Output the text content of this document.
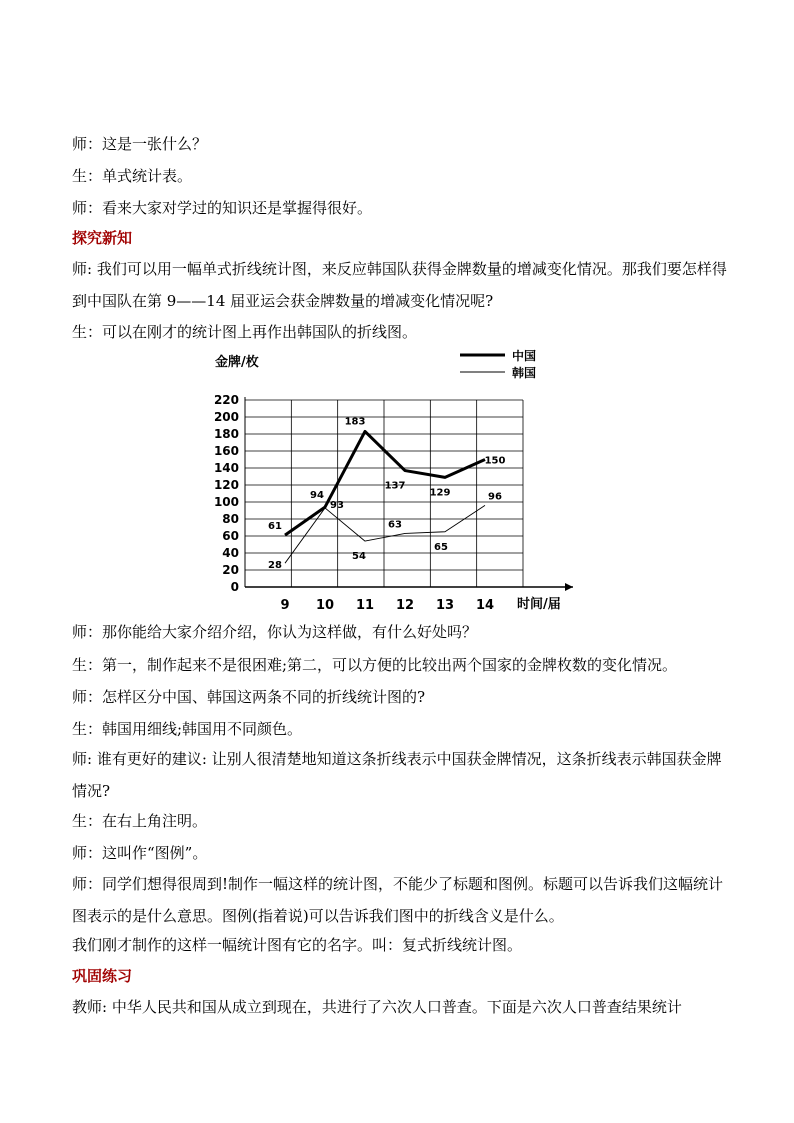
师：这是一张什么？
生：单式统计表。
师：看来大家对学过的知识还是掌握得很好。
探究新知
师: 我们可以用一幅单式折线统计图，来反应韩国队获得金牌数量的增减变化情况。那我们要怎样得到中国队在第 9——14 届亚运会获金牌数量的增减变化情况呢?
生：可以在刚才的统计图上再作出韩国队的折线图。
0
20
40
60
80
100
120
140
160
180
200
220
9 10 11 12 13 14
61
94
183
137
129
150
28
93
54
63
65
96
中国
韩国
金牌/枚
时间/届
师：那你能给大家介绍介绍，你认为这样做，有什么好处吗？
生：第一，制作起来不是很困难;第二，可以方便的比较出两个国家的金牌枚数的变化情况。
师：怎样区分中国、韩国这两条不同的折线统计图的?
生：韩国用细线;韩国用不同颜色。
师: 谁有更好的建议: 让别人很清楚地知道这条折线表示中国获金牌情况，这条折线表示韩国获金牌情况?
生：在右上角注明。
师：这叫作“图例”。
师：同学们想得很周到!制作一幅这样的统计图，不能少了标题和图例。标题可以告诉我们这幅统计图表示的是什么意思。图例(指着说)可以告诉我们图中的折线含义是什么。
我们刚才制作的这样一幅统计图有它的名字。叫：复式折线统计图。
巩固练习
教师: 中华人民共和国从成立到现在，共进行了六次人口普查。下面是六次人口普查结果统计
